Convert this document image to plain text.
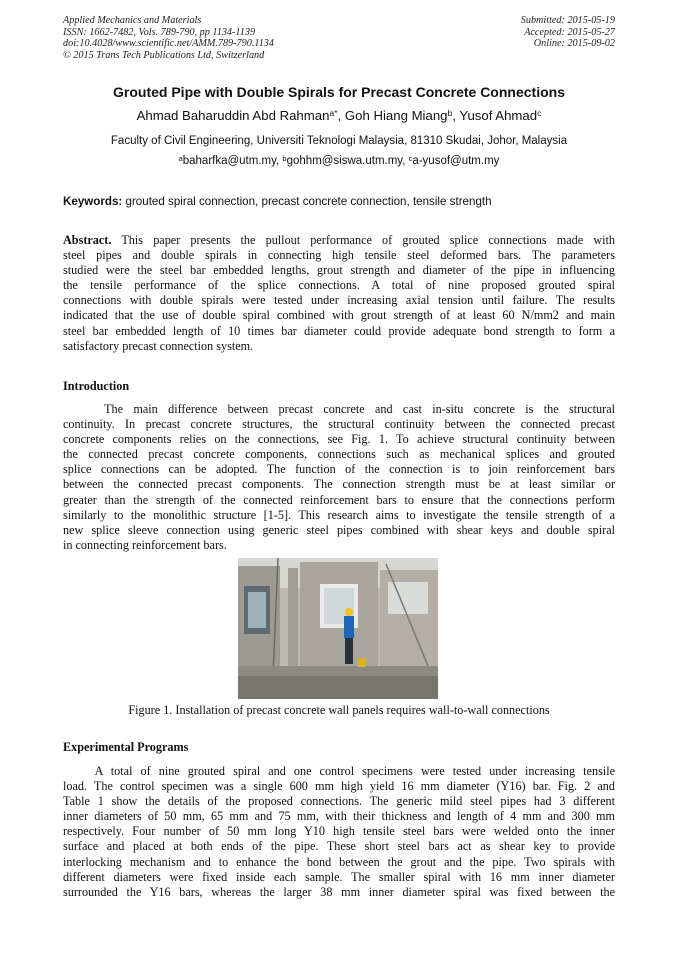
Applied Mechanics and Materials
ISSN: 1662-7482, Vols. 789-790, pp 1134-1139
doi:10.4028/www.scientific.net/AMM.789-790.1134
© 2015 Trans Tech Publications Ltd, Switzerland
Submitted: 2015-05-19
Accepted: 2015-05-27
Online: 2015-09-02
Grouted Pipe with Double Spirals for Precast Concrete Connections
Ahmad Baharuddin Abd Rahman$^{a*}$, Goh Hiang Miang$^b$, Yusof Ahmad$^c$
Faculty of Civil Engineering, Universiti Teknologi Malaysia, 81310 Skudai, Johor, Malaysia
$^a$baharfka@utm.my, $^b$gohhm@siswa.utm.my, $^c$a-yusof@utm.my
Keywords: grouted spiral connection, precast concrete connection, tensile strength
Abstract. This paper presents the pullout performance of grouted splice connections made with
steel pipes and double spirals in connecting high tensile steel deformed bars. The parameters
studied were the steel bar embedded lengths, grout strength and diameter of the pipe in influencing
the tensile performance of the splice connections. A total of nine proposed grouted spiral
connections with double spirals were tested under increasing axial tension until failure. The results
indicated that the use of double spiral combined with grout strength of at least 60 N/mm2 and main
steel bar embedded length of 10 times bar diameter could provide adequate bond strength to form a
satisfactory precast connection system.
Introduction
The main difference between precast concrete and cast in-situ concrete is the structural
continuity. In precast concrete structures, the structural continuity between the connected precast
concrete components relies on the connections, see Fig. 1. To achieve structural continuity between
the connected precast concrete components, connections such as mechanical splices and grouted
splice connections can be adopted. The function of the connection is to join reinforcement bars
between the connected precast components. The connection strength must be at least similar or
greater than the strength of the connected reinforcement bars to ensure that the connections perform
similarly to the monolithic structure [1-5]. This research aims to investigate the tensile strength of a
new splice sleeve connection using generic steel pipes combined with shear keys and double spiral
in connecting reinforcement bars.
Figure 1. Installation of precast concrete wall panels requires wall-to-wall connections
Experimental Programs
A total of nine grouted spiral and one control specimens were tested under increasing tensile
load. The control specimen was a single 600 mm high yield 16 mm diameter (Y16) bar. Fig. 2 and
Table 1 show the details of the proposed connections. The generic mild steel pipes had 3 different
inner diameters of 50 mm, 65 mm and 75 mm, with their thickness and length of 4 mm and 300 mm
respectively. Four number of 50 mm long Y10 high tensile steel bars were welded onto the inner
surface and placed at both ends of the pipe. These short steel bars act as shear key to provide
interlocking mechanism and to enhance the bond between the grout and the pipe. Two spirals with
different diameters were fixed inside each sample. The smaller spiral with 16 mm inner diameter
surrounded the Y16 bars, whereas the larger 38 mm inner diameter spiral was fixed between the
